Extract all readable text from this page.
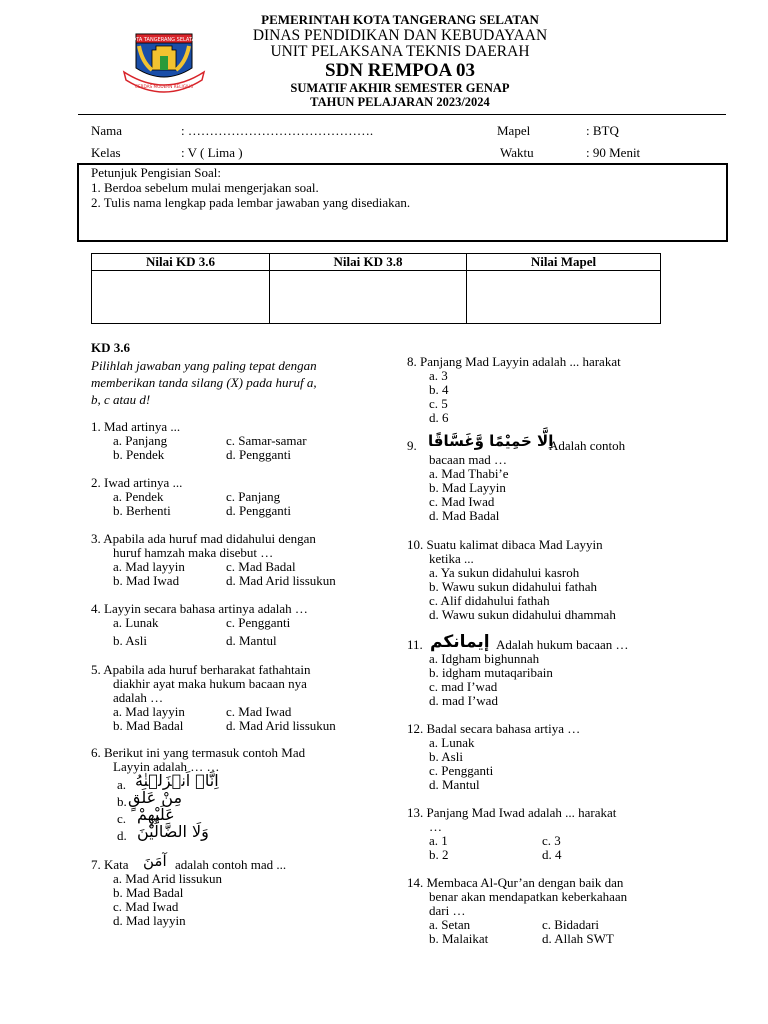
KOTA TANGERANG SELATAN
CERDAS MODERN RELIGIUS
PEMERINTAH KOTA TANGERANG SELATAN
DINAS PENDIDIKAN DAN KEBUDAYAAN
UNIT PELAKSANA TEKNIS DAERAH
SDN REMPOA 03
SUMATIF AKHIR SEMESTER GENAP
TAHUN PELAJARAN 2023/2024
Nama	: …………………………………….	Mapel	: BTQ
Kelas	: V ( Lima )	Waktu	: 90 Menit
Petunjuk Pengisian Soal:
1. Berdoa sebelum mulai mengerjakan soal.
2. Tulis nama lengkap pada lembar jawaban yang disediakan.
Nilai KD 3.6	Nilai KD 3.8	Nilai Mapel

KD 3.6
Pilihlah jawaban yang paling tepat dengan
memberikan tanda silang (X) pada huruf a,
b, c atau d!
1. Mad artinya ...
a. Panjang	c. Samar-samar
b. Pendek	d. Pengganti
2. Iwad artinya ...
a. Pendek	c. Panjang
b. Berhenti	d. Pengganti
3. Apabila ada huruf mad didahului dengan
huruf hamzah maka disebut …
a. Mad layyin	c. Mad Badal
b. Mad Iwad	d. Mad Arid lissukun
4. Layyin secara bahasa artinya adalah …
a. Lunak	c. Pengganti
b. Asli	d. Mantul
5. Apabila ada huruf berharakat fathahtain
diakhir ayat maka hukum bacaan nya
adalah …
a. Mad layyin	c. Mad Iwad
b. Mad Badal	d. Mad Arid lissukun
6. Berikut ini yang termasuk contoh Mad
Layyin adalah … …
a. اِنَّاۤ اَنۡزَلۡنٰهُ
b. مِنْ عَلَقٍ
c. عَلَيْهِمْ
d. وَلَا الضَّالِّيْنَ
7. Kata آمَنَ adalah contoh mad ...
a. Mad Arid lissukun
b. Mad Badal
c. Mad Iwad
d. Mad layyin
8. Panjang Mad Layyin adalah ... harakat
a. 3
b. 4
c. 5
d. 6
9. اِلَّا حَمِيْمًا وَّغَسَّاقًا
Adalah contoh
bacaan mad …
a. Mad Thabi’e
b. Mad Layyin
c. Mad Iwad
d. Mad Badal
10. Suatu kalimat dibaca Mad Layyin
ketika ...
a. Ya sukun didahului kasroh
b. Wawu sukun didahului fathah
c. Alif didahului fathah
d. Wawu sukun didahului dhammah
11. إيمانكم Adalah hukum bacaan …
a. Idgham bighunnah
b. idgham mutaqaribain
c. mad I’wad
d. mad I’wad
12. Badal secara bahasa artiya …
a. Lunak
b. Asli
c. Pengganti
d. Mantul
13. Panjang Mad Iwad adalah ... harakat
…
a. 1	c. 3
b. 2	d. 4
14. Membaca Al-Qur’an dengan baik dan
benar akan mendapatkan keberkahaan
dari …
a. Setan	c. Bidadari
b. Malaikat	d. Allah SWT
